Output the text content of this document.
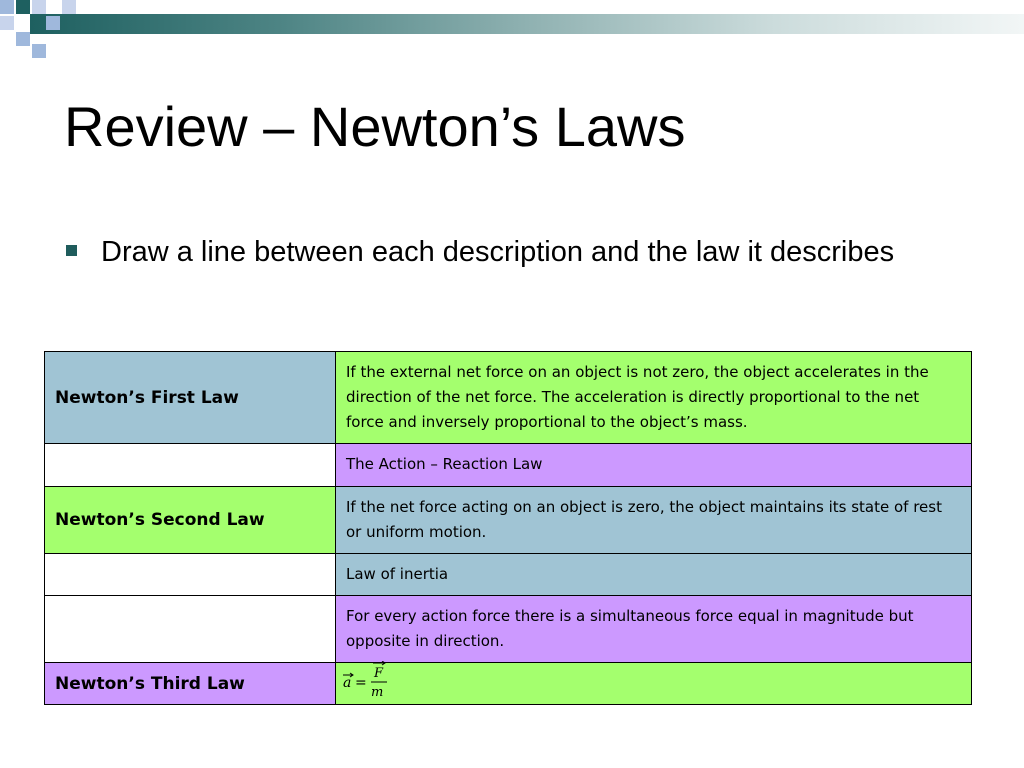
Review – Newton’s Laws
Draw a line between each description and the law it describes
Newton’s First Law	If the external net force on an object is not zero, the object accelerates in the direction of the net force. The acceleration is directly proportional to the net force and inversely proportional to the object’s mass.
	The Action – Reaction Law
Newton’s Second Law	If the net force acting on an object is zero, the object maintains its state of rest or uniform motion.
	Law of inertia
	For every action force there is a simultaneous force equal in magnitude but opposite in direction.
Newton’s Third Law	a =
F
m
